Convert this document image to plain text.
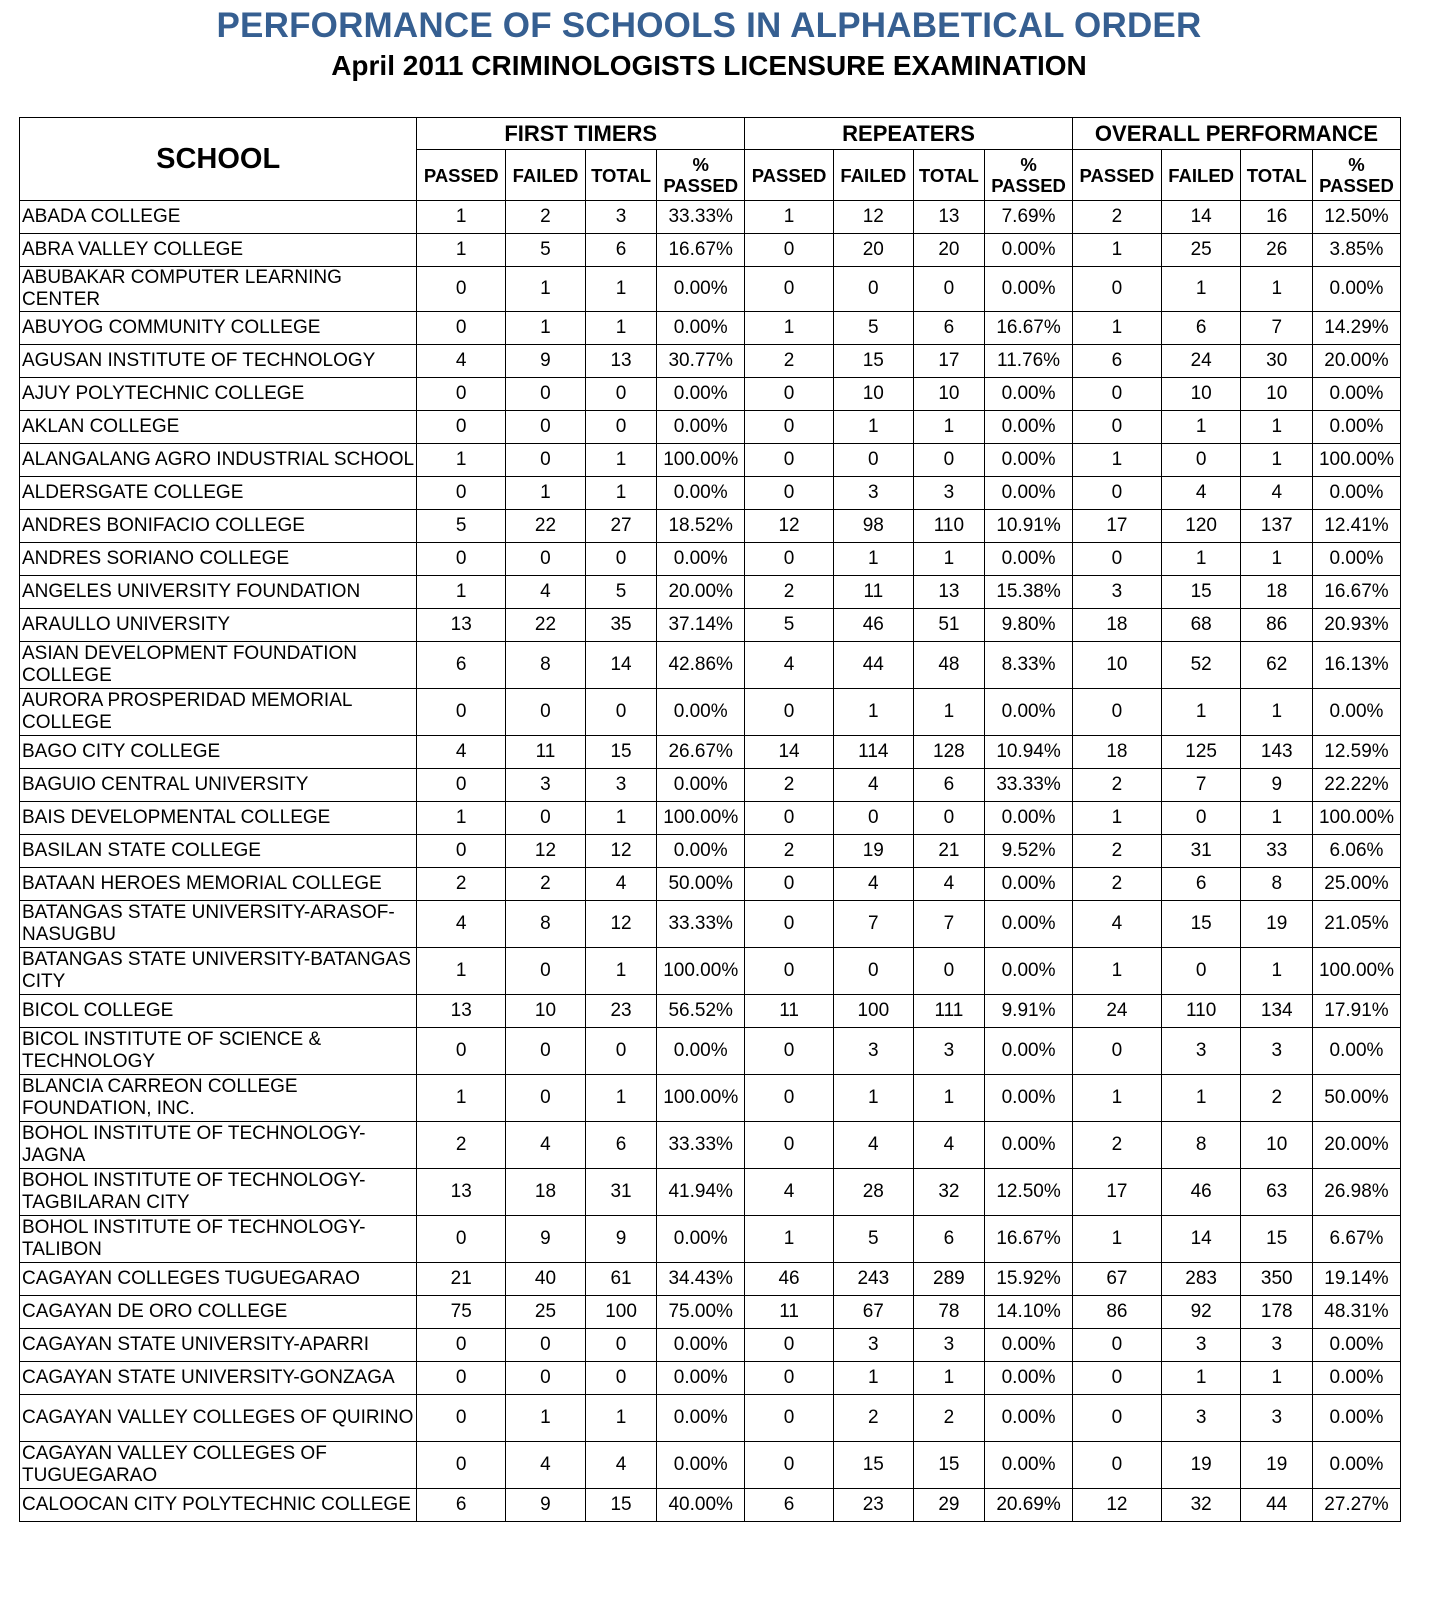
PERFORMANCE OF SCHOOLS IN ALPHABETICAL ORDER
April 2011 CRIMINOLOGISTS LICENSURE EXAMINATION
SCHOOL	FIRST TIMERS				REPEATERS				OVERALL PERFORMANCE			
	PASSED	FAILED	TOTAL	% PASSED	PASSED	FAILED	TOTAL	% PASSED	PASSED	FAILED	TOTAL	% PASSED
ABADA COLLEGE	1	2	3	33.33%	1	12	13	7.69%	2	14	16	12.50%
ABRA VALLEY COLLEGE	1	5	6	16.67%	0	20	20	0.00%	1	25	26	3.85%
ABUBAKAR COMPUTER LEARNING CENTER	0	1	1	0.00%	0	0	0	0.00%	0	1	1	0.00%
ABUYOG COMMUNITY COLLEGE	0	1	1	0.00%	1	5	6	16.67%	1	6	7	14.29%
AGUSAN INSTITUTE OF TECHNOLOGY	4	9	13	30.77%	2	15	17	11.76%	6	24	30	20.00%
AJUY POLYTECHNIC COLLEGE	0	0	0	0.00%	0	10	10	0.00%	0	10	10	0.00%
AKLAN COLLEGE	0	0	0	0.00%	0	1	1	0.00%	0	1	1	0.00%
ALANGALANG AGRO INDUSTRIAL SCHOOL	1	0	1	100.00%	0	0	0	0.00%	1	0	1	100.00%
ALDERSGATE COLLEGE	0	1	1	0.00%	0	3	3	0.00%	0	4	4	0.00%
ANDRES BONIFACIO COLLEGE	5	22	27	18.52%	12	98	110	10.91%	17	120	137	12.41%
ANDRES SORIANO COLLEGE	0	0	0	0.00%	0	1	1	0.00%	0	1	1	0.00%
ANGELES UNIVERSITY FOUNDATION	1	4	5	20.00%	2	11	13	15.38%	3	15	18	16.67%
ARAULLO UNIVERSITY	13	22	35	37.14%	5	46	51	9.80%	18	68	86	20.93%
ASIAN DEVELOPMENT FOUNDATION COLLEGE	6	8	14	42.86%	4	44	48	8.33%	10	52	62	16.13%
AURORA PROSPERIDAD MEMORIAL COLLEGE	0	0	0	0.00%	0	1	1	0.00%	0	1	1	0.00%
BAGO CITY COLLEGE	4	11	15	26.67%	14	114	128	10.94%	18	125	143	12.59%
BAGUIO CENTRAL UNIVERSITY	0	3	3	0.00%	2	4	6	33.33%	2	7	9	22.22%
BAIS DEVELOPMENTAL COLLEGE	1	0	1	100.00%	0	0	0	0.00%	1	0	1	100.00%
BASILAN STATE COLLEGE	0	12	12	0.00%	2	19	21	9.52%	2	31	33	6.06%
BATAAN HEROES MEMORIAL COLLEGE	2	2	4	50.00%	0	4	4	0.00%	2	6	8	25.00%
BATANGAS STATE UNIVERSITY-ARASOF-NASUGBU	4	8	12	33.33%	0	7	7	0.00%	4	15	19	21.05%
BATANGAS STATE UNIVERSITY-BATANGAS CITY	1	0	1	100.00%	0	0	0	0.00%	1	0	1	100.00%
BICOL COLLEGE	13	10	23	56.52%	11	100	111	9.91%	24	110	134	17.91%
BICOL INSTITUTE OF SCIENCE & TECHNOLOGY	0	0	0	0.00%	0	3	3	0.00%	0	3	3	0.00%
BLANCIA CARREON COLLEGE FOUNDATION, INC.	1	0	1	100.00%	0	1	1	0.00%	1	1	2	50.00%
BOHOL INSTITUTE OF TECHNOLOGY-JAGNA	2	4	6	33.33%	0	4	4	0.00%	2	8	10	20.00%
BOHOL INSTITUTE OF TECHNOLOGY-TAGBILARAN CITY	13	18	31	41.94%	4	28	32	12.50%	17	46	63	26.98%
BOHOL INSTITUTE OF TECHNOLOGY-TALIBON	0	9	9	0.00%	1	5	6	16.67%	1	14	15	6.67%
CAGAYAN COLLEGES TUGUEGARAO	21	40	61	34.43%	46	243	289	15.92%	67	283	350	19.14%
CAGAYAN DE ORO COLLEGE	75	25	100	75.00%	11	67	78	14.10%	86	92	178	48.31%
CAGAYAN STATE UNIVERSITY-APARRI	0	0	0	0.00%	0	3	3	0.00%	0	3	3	0.00%
CAGAYAN STATE UNIVERSITY-GONZAGA	0	0	0	0.00%	0	1	1	0.00%	0	1	1	0.00%
CAGAYAN VALLEY COLLEGES OF QUIRINO	0	1	1	0.00%	0	2	2	0.00%	0	3	3	0.00%
CAGAYAN VALLEY COLLEGES OF TUGUEGARAO	0	4	4	0.00%	0	15	15	0.00%	0	19	19	0.00%
CALOOCAN CITY POLYTECHNIC COLLEGE	6	9	15	40.00%	6	23	29	20.69%	12	32	44	27.27%
